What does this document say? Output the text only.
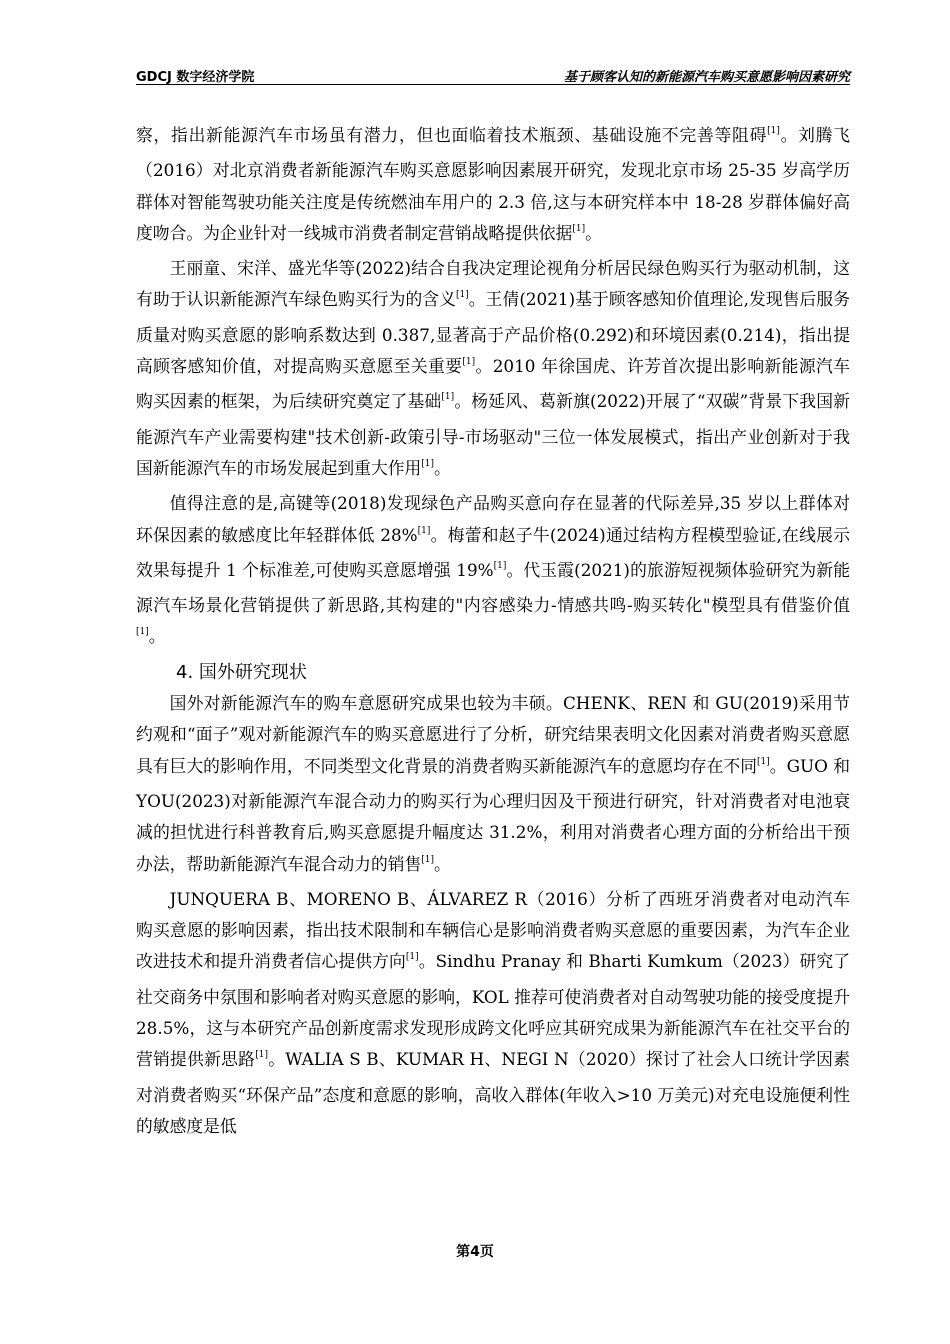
GDCJ 数字经济学院	基于顾客认知的新能源汽车购买意愿影响因素研究

察，指出新能源汽车市场虽有潜力，但也面临着技术瓶颈、基础设施不完善等阻碍[1]。刘腾飞（2016）对北京消费者新能源汽车购买意愿影响因素展开研究，发现北京市场 25-35 岁高学历群体对智能驾驶功能关注度是传统燃油车用户的 2.3 倍,这与本研究样本中 18-28 岁群体偏好高度吻合。为企业针对一线城市消费者制定营销战略提供依据[1]。

王丽童、宋洋、盛光华等(2022)结合自我决定理论视角分析居民绿色购买行为驱动机制，这有助于认识新能源汽车绿色购买行为的含义[1]。王倩(2021)基于顾客感知价值理论,发现售后服务质量对购买意愿的影响系数达到 0.387,显著高于产品价格(0.292)和环境因素(0.214)，指出提高顾客感知价值，对提高购买意愿至关重要[1]。2010 年徐国虎、许芳首次提出影响新能源汽车购买因素的框架，为后续研究奠定了基础[1]。杨延风、葛新旗(2022)开展了“双碳”背景下我国新能源汽车产业需要构建"技术创新-政策引导-市场驱动"三位一体发展模式，指出产业创新对于我国新能源汽车的市场发展起到重大作用[1]。

值得注意的是,高键等(2018)发现绿色产品购买意向存在显著的代际差异,35 岁以上群体对环保因素的敏感度比年轻群体低 28%[1]。梅蕾和赵子牛(2024)通过结构方程模型验证,在线展示效果每提升 1 个标准差,可使购买意愿增强 19%[1]。代玉霞(2021)的旅游短视频体验研究为新能源汽车场景化营销提供了新思路,其构建的"内容感染力-情感共鸣-购买转化"模型具有借鉴价值[1]。

4. 国外研究现状

国外对新能源汽车的购车意愿研究成果也较为丰硕。CHENK、REN 和 GU(2019)采用节约观和“面子”观对新能源汽车的购买意愿进行了分析，研究结果表明文化因素对消费者购买意愿具有巨大的影响作用，不同类型文化背景的消费者购买新能源汽车的意愿均存在不同[1]。GUO 和 YOU(2023)对新能源汽车混合动力的购买行为心理归因及干预进行研究，针对消费者对电池衰减的担忧进行科普教育后,购买意愿提升幅度达 31.2%，利用对消费者心理方面的分析给出干预办法，帮助新能源汽车混合动力的销售[1]。

JUNQUERA B、MORENO B、ÁLVAREZ R（2016）分析了西班牙消费者对电动汽车购买意愿的影响因素，指出技术限制和车辆信心是影响消费者购买意愿的重要因素，为汽车企业改进技术和提升消费者信心提供方向[1]。Sindhu Pranay 和 Bharti Kumkum（2023）研究了社交商务中氛围和影响者对购买意愿的影响，KOL 推荐可使消费者对自动驾驶功能的接受度提升 28.5%，这与本研究产品创新度需求发现形成跨文化呼应其研究成果为新能源汽车在社交平台的营销提供新思路[1]。WALIA S B、KUMAR H、NEGI N（2020）探讨了社会人口统计学因素对消费者购买“环保产品”态度和意愿的影响，高收入群体(年收入>10 万美元)对充电设施便利性的敏感度是低

第4页
